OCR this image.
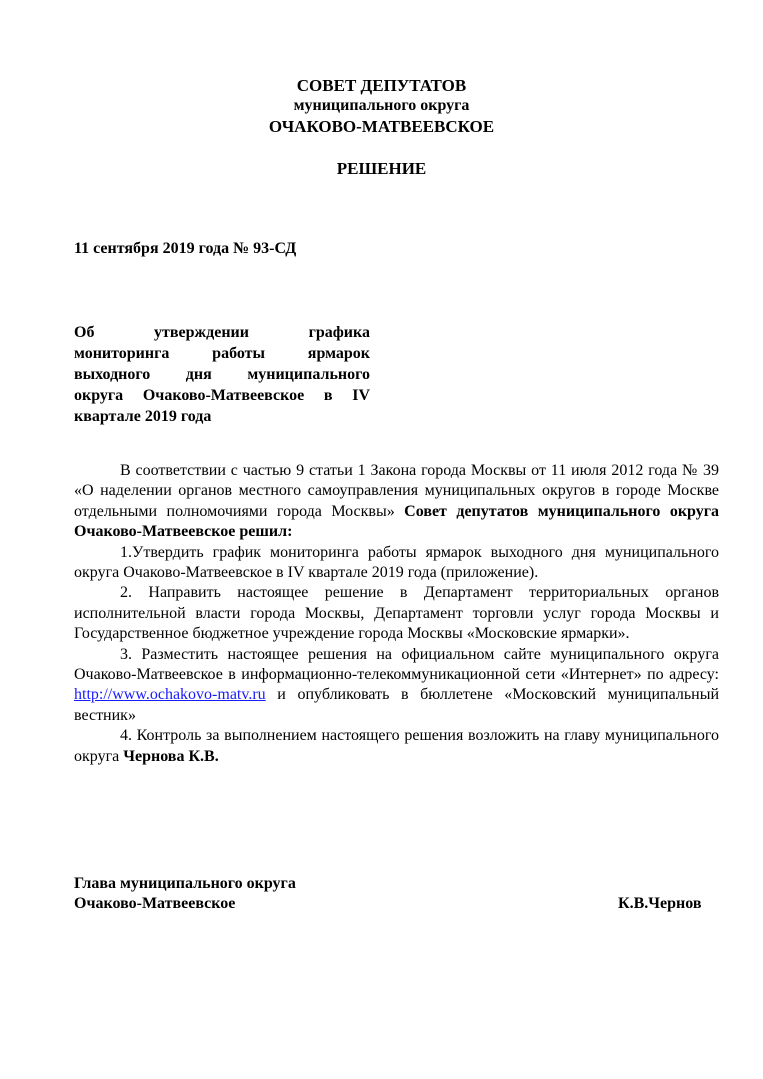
СОВЕТ ДЕПУТАТОВ
муниципального округа
ОЧАКОВО-МАТВЕЕВСКОЕ
РЕШЕНИЕ
11 сентября 2019 года № 93-СД
Об утверждении графика
мониторинга работы ярмарок
выходного дня муниципального
округа Очаково-Матвеевское в IV
квартале 2019 года

В соответствии с частью 9 статьи 1 Закона города Москвы от 11 июля 2012 года № 39 «О наделении органов местного самоуправления муниципальных округов в городе Москве отдельными полномочиями города Москвы» Совет депутатов муниципального округа Очаково-Матвеевское решил:

1.Утвердить график мониторинга работы ярмарок выходного дня муниципального округа Очаково-Матвеевское в IV квартале 2019 года (приложение).

2. Направить настоящее решение в Департамент территориальных органов исполнительной власти города Москвы, Департамент торговли услуг города Москвы и Государственное бюджетное учреждение города Москвы «Московские ярмарки».

3. Разместить настоящее решения на официальном сайте муниципального округа Очаково-Матвеевское в информационно-телекоммуникационной сети «Интернет» по адресу: http://www.ochakovo-matv.ru и опубликовать в бюллетене «Московский муниципальный вестник»

4. Контроль за выполнением настоящего решения возложить на главу муниципального округа Чернова К.В.

Глава муниципального округа
Очаково-Матвеевское	К.В.Чернов
